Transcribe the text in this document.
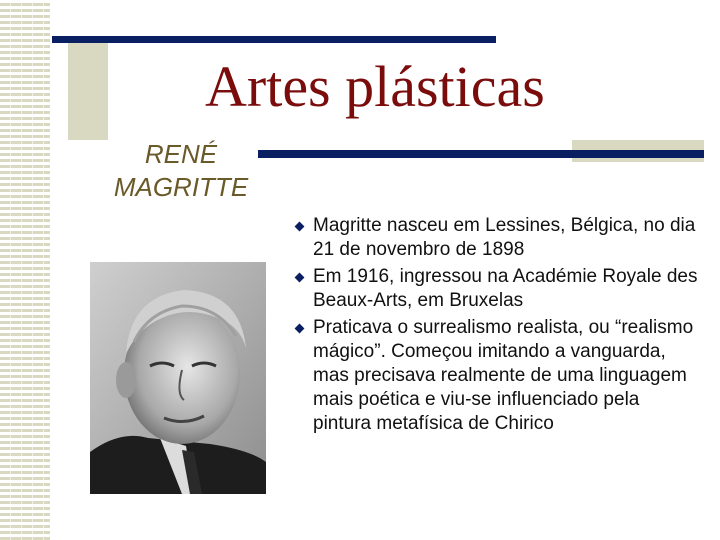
Artes plásticas
RENÉ
MAGRITTE
Magritte nasceu em Lessines, Bélgica, no dia 21 de novembro de 1898
Em 1916, ingressou na Académie Royale des Beaux-Arts, em Bruxelas
Praticava o surrealismo realista, ou “realismo mágico”. Começou imitando a vanguarda, mas precisava realmente de uma linguagem mais poética e viu-se influenciado pela pintura metafísica de Chirico
